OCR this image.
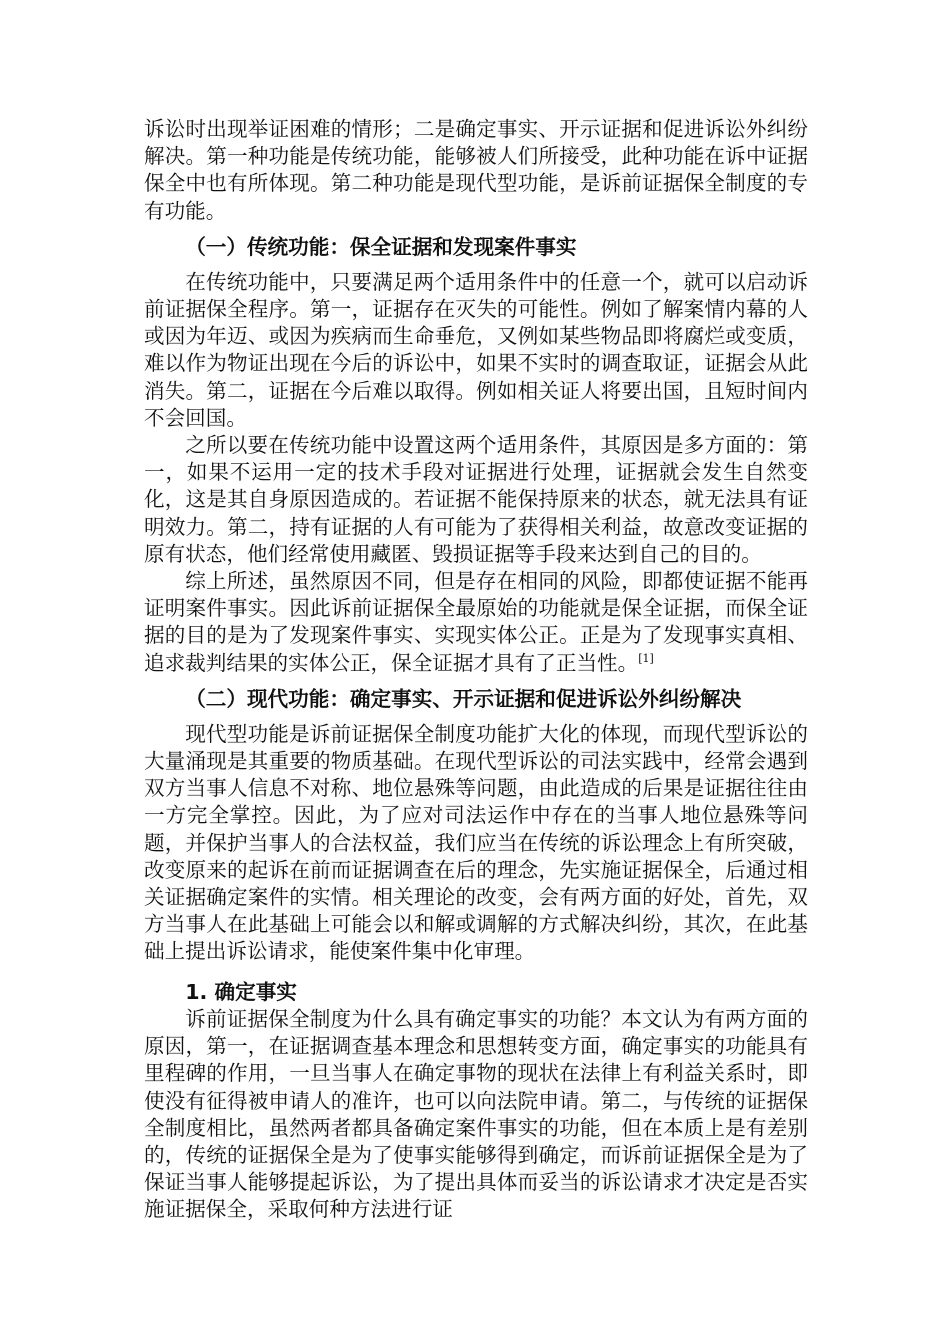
诉讼时出现举证困难的情形；二是确定事实、开示证据和促进诉讼外纠纷解决。第一种功能是传统功能，能够被人们所接受，此种功能在诉中证据保全中也有所体现。第二种功能是现代型功能，是诉前证据保全制度的专有功能。

（一）传统功能：保全证据和发现案件事实

在传统功能中，只要满足两个适用条件中的任意一个，就可以启动诉前证据保全程序。第一，证据存在灭失的可能性。例如了解案情内幕的人或因为年迈、或因为疾病而生命垂危，又例如某些物品即将腐烂或变质，难以作为物证出现在今后的诉讼中，如果不实时的调查取证，证据会从此消失。第二，证据在今后难以取得。例如相关证人将要出国，且短时间内不会回国。

之所以要在传统功能中设置这两个适用条件，其原因是多方面的：第一，如果不运用一定的技术手段对证据进行处理，证据就会发生自然变化，这是其自身原因造成的。若证据不能保持原来的状态，就无法具有证明效力。第二，持有证据的人有可能为了获得相关利益，故意改变证据的原有状态，他们经常使用藏匿、毁损证据等手段来达到自己的目的。

综上所述，虽然原因不同，但是存在相同的风险，即都使证据不能再证明案件事实。因此诉前证据保全最原始的功能就是保全证据，而保全证据的目的是为了发现案件事实、实现实体公正。正是为了发现事实真相、追求裁判结果的实体公正，保全证据才具有了正当性。[1]

（二）现代功能：确定事实、开示证据和促进诉讼外纠纷解决

现代型功能是诉前证据保全制度功能扩大化的体现，而现代型诉讼的大量涌现是其重要的物质基础。在现代型诉讼的司法实践中，经常会遇到双方当事人信息不对称、地位悬殊等问题，由此造成的后果是证据往往由一方完全掌控。因此，为了应对司法运作中存在的当事人地位悬殊等问题，并保护当事人的合法权益，我们应当在传统的诉讼理念上有所突破，改变原来的起诉在前而证据调查在后的理念，先实施证据保全，后通过相关证据确定案件的实情。相关理论的改变，会有两方面的好处，首先，双方当事人在此基础上可能会以和解或调解的方式解决纠纷，其次，在此基础上提出诉讼请求，能使案件集中化审理。

1. 确定事实

诉前证据保全制度为什么具有确定事实的功能？本文认为有两方面的原因，第一，在证据调查基本理念和思想转变方面，确定事实的功能具有里程碑的作用，一旦当事人在确定事物的现状在法律上有利益关系时，即使没有征得被申请人的准许，也可以向法院申请。第二，与传统的证据保全制度相比，虽然两者都具备确定案件事实的功能，但在本质上是有差别的，传统的证据保全是为了使事实能够得到确定，而诉前证据保全是为了保证当事人能够提起诉讼，为了提出具体而妥当的诉讼请求才决定是否实施证据保全，采取何种方法进行证
